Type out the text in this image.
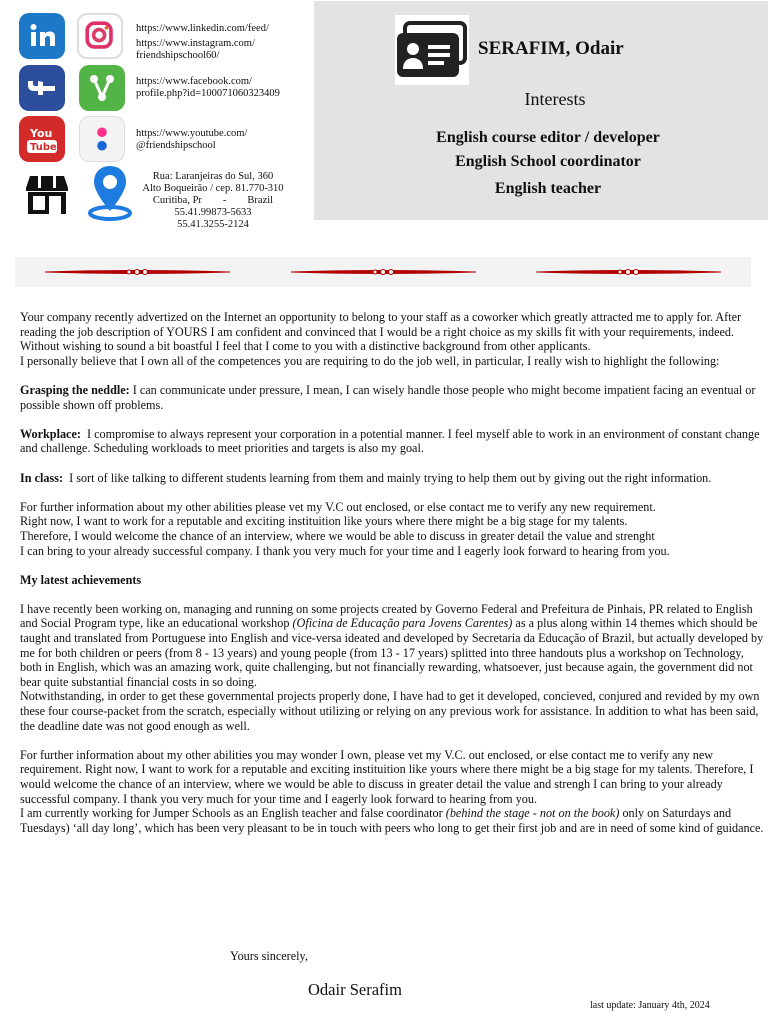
https://www.linkedin.com/feed/
https://www.instagram.com/
friendshipschool60/
https://www.facebook.com/
profile.php?id=100071060323409
You
Tube
https://www.youtube.com/
@friendshipschool
Rua: Laranjeiras do Sul, 360
Alto Boqueirão / cep. 81.770-310
Curitiba, Pr        -        Brazil
55.41.99873-5633
55.41.3255-2124
SERAFIM, Odair
Interests
English course editor / developer
English School coordinator
English teacher

Your company recently advertized on the Internet an opportunity to belong to your staff as a coworker which greatly attracted me to apply for. After reading the job description of YOURS I am confident and convinced that I would be a right choice as my skills fit with your requirements, indeed.

Without wishing to sound a bit boastful I feel that I come to you with a distinctive background from other applicants.

I personally believe that I own all of the competences you are requiring to do the job well, in particular, I really wish to highlight the following:

Grasping the neddle: I can communicate under pressure, I mean, I can wisely handle those people who might become impatient facing an eventual or possible shown off problems.

Workplace:  I compromise to always represent your corporation in a potential manner. I feel myself able to work in an environment of constant change and challenge. Scheduling workloads to meet priorities and targets is also my goal.

In class:  I sort of like talking to different students learning from them and mainly trying to help them out by giving out the right information.

For further information about my other abilities please vet my V.C out enclosed, or else contact me to verify any new requirement.

Right now, I want to work for a reputable and exciting instituition like yours where there might be a big stage for my talents.

Therefore, I would welcome the chance of an interview, where we would be able to discuss in greater detail the value and strenght

I can bring to your already successful company. I thank you very much for your time and I eagerly look forward to hearing from you.

My latest achievements

I have recently been working on, managing and running on some projects created by Governo Federal and Prefeitura de Pinhais, PR related to English and Social Program type, like an educational workshop (Oficina de Educação para Jovens Carentes) as a plus along within 14 themes which should be taught and translated from Portuguese into English and vice-versa ideated and developed by Secretaria da Educação of Brazil, but actually developed by me for both children or peers (from 8 - 13 years) and young people (from 13 - 17 years) splitted into three handouts plus a workshop on Technology, both in English, which was an amazing work, quite challenging, but not financially rewarding, whatsoever, just because again, the government did not bear quite substantial financial costs in so doing.

Notwithstanding, in order to get these governmental projects properly done, I have had to get it developed, concieved, conjured and revided by my own these four course-packet from the scratch, especially without utilizing or relying on any previous work for assistance. In addition to what has been said, the deadline date was not good enough as well.

For further information about my other abilities you may wonder I own, please vet my V.C. out enclosed, or else contact me to verify any new requirement. Right now, I want to work for a reputable and exciting instituition like yours where there might be a big stage for my talents. Therefore, I would welcome the chance of an interview, where we would be able to discuss in greater detail the value and strengh I can bring to your already successful company. I thank you very much for your time and I eagerly look forward to hearing from you.

I am currently working for Jumper Schools as an English teacher and false coordinator (behind the stage - not on the book) only on Saturdays and Tuesdays) ‘all day long’, which has been very pleasant to be in touch with peers who long to get their first job and are in need of some kind of guidance.

Yours sincerely,
Odair Serafim
last update: January 4th, 2024
